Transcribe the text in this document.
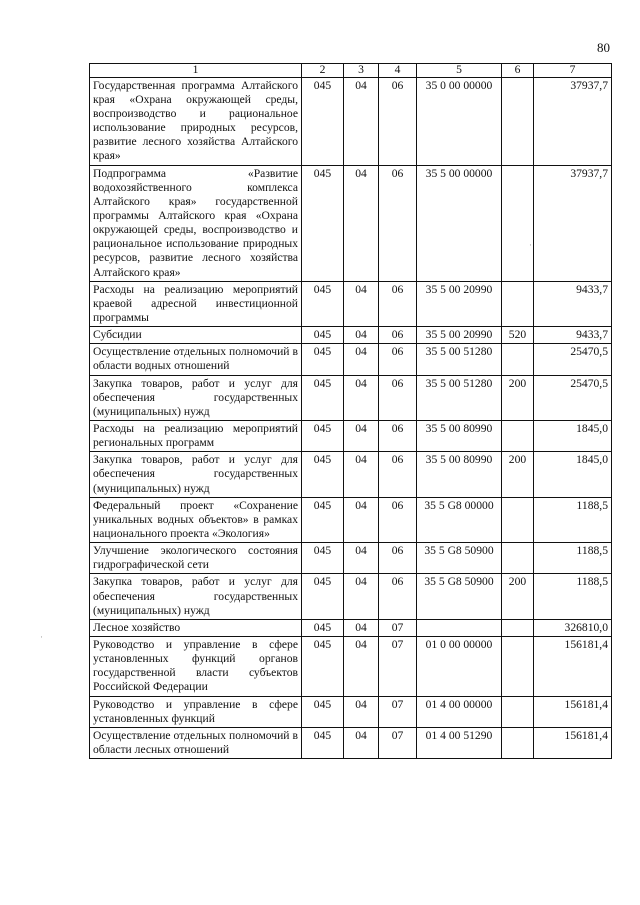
80
1	2	3	4	5	6	7
Государственная программа Алтайского края «Охрана окружающей среды, воспроизводство и рациональное использование природных ресурсов, развитие лесного хозяйства Алтайского края»	045	04	06	35 0 00 00000		37937,7
Подпрограмма «Развитие водохозяйственного комплекса Алтайского края» государственной программы Алтайского края «Охрана окружающей среды, воспроизводство и рациональное использование природных ресурсов, развитие лесного хозяйства Алтайского края»	045	04	06	35 5 00 00000		37937,7
Расходы на реализацию мероприятий краевой адресной инвестиционной программы	045	04	06	35 5 00 20990		9433,7
Субсидии	045	04	06	35 5 00 20990	520	9433,7
Осуществление отдельных полномочий в области водных отношений	045	04	06	35 5 00 51280		25470,5
Закупка товаров, работ и услуг для обеспечения государственных (муниципальных) нужд	045	04	06	35 5 00 51280	200	25470,5
Расходы на реализацию мероприятий региональных программ	045	04	06	35 5 00 80990		1845,0
Закупка товаров, работ и услуг для обеспечения государственных (муниципальных) нужд	045	04	06	35 5 00 80990	200	1845,0
Федеральный проект «Сохранение уникальных водных объектов» в рамках национального проекта «Экология»	045	04	06	35 5 G8 00000		1188,5
Улучшение экологического состояния гидрографической сети	045	04	06	35 5 G8 50900		1188,5
Закупка товаров, работ и услуг для обеспечения государственных (муниципальных) нужд	045	04	06	35 5 G8 50900	200	1188,5
Лесное хозяйство	045	04	07			326810,0
Руководство и управление в сфере установленных функций органов государственной власти субъектов Российской Федерации	045	04	07	01 0 00 00000		156181,4
Руководство и управление в сфере установленных функций	045	04	07	01 4 00 00000		156181,4
Осуществление отдельных полномочий в области лесных отношений	045	04	07	01 4 00 51290		156181,4
·
·
